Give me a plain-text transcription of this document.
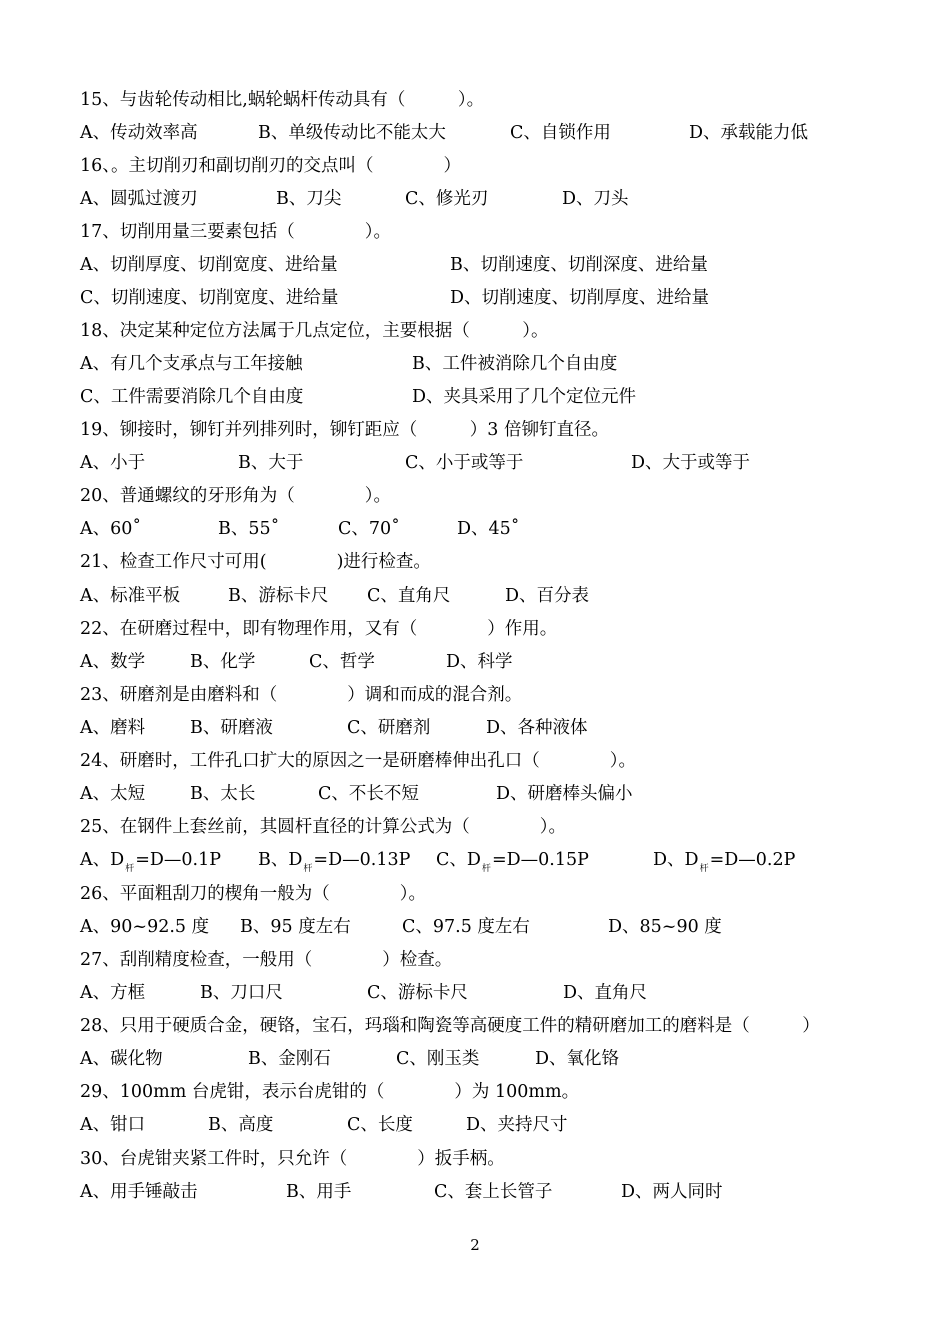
15、与齿轮传动相比,蜗轮蜗杆传动具有（　　　）。
A、传动效率高	B、单级传动比不能太大	C、自锁作用	D、承载能力低
16、。主切削刃和副切削刃的交点叫（　　　　）
A、圆弧过渡刃	B、刀尖	C、修光刃	D、刀头
17、切削用量三要素包括（　　　　）。
A、切削厚度、切削宽度、进给量	B、切削速度、切削深度、进给量
C、切削速度、切削宽度、进给量	D、切削速度、切削厚度、进给量
18、决定某种定位方法属于几点定位，主要根据（　　　）。
A、有几个支承点与工年接触	B、工件被消除几个自由度
C、工件需要消除几个自由度	D、夹具采用了几个定位元件
19、铆接时，铆钉并列排列时，铆钉距应（　　　）3 倍铆钉直径。
A、小于	B、大于	C、小于或等于	D、大于或等于
20、普通螺纹的牙形角为（　　　　）。
A、60˚	B、55˚	C、70˚	D、45˚
21、检查工作尺寸可用(　　　　)进行检查。
A、标准平板	B、游标卡尺 C、直角尺	D、百分表
22、在研磨过程中，即有物理作用，又有（　　　　）作用。
A、数学	B、化学	C、哲学	D、科学
23、研磨剂是由磨料和（　　　　）调和而成的混合剂。
A、磨料	B、研磨液	C、研磨剂	D、各种液体
24、研磨时，工件孔口扩大的原因之一是研磨棒伸出孔口（　　　　）。
A、太短	B、太长	C、不长不短	D、研磨棒头偏小
25、在钢件上套丝前，其圆杆直径的计算公式为（　　　　）。
A、$D_杆=D—0.1P$ B、$D_杆=D—0.13P$ C、$D_杆=D—0.15P$	D、$D_杆=D—0.2P$
26、平面粗刮刀的楔角一般为（　　　　）。
A、90~92.5 度 B、95 度左右	C、97.5 度左右	D、85~90 度
27、刮削精度检查，一般用（　　　　）检查。
A、方框	B、刀口尺	C、游标卡尺	D、直角尺
28、只用于硬质合金，硬铬，宝石，玛瑙和陶瓷等高硬度工件的精研磨加工的磨料是（　　　）
A、碳化物	B、金刚石	C、刚玉类	D、氧化铬
29、100mm 台虎钳，表示台虎钳的（　　　　）为 100mm。
A、钳口	B、高度	C、长度	D、夹持尺寸
30、台虎钳夹紧工件时，只允许（　　　　）扳手柄。
A、用手锤敲击	B、用手	C、套上长管子	D、两人同时
2
